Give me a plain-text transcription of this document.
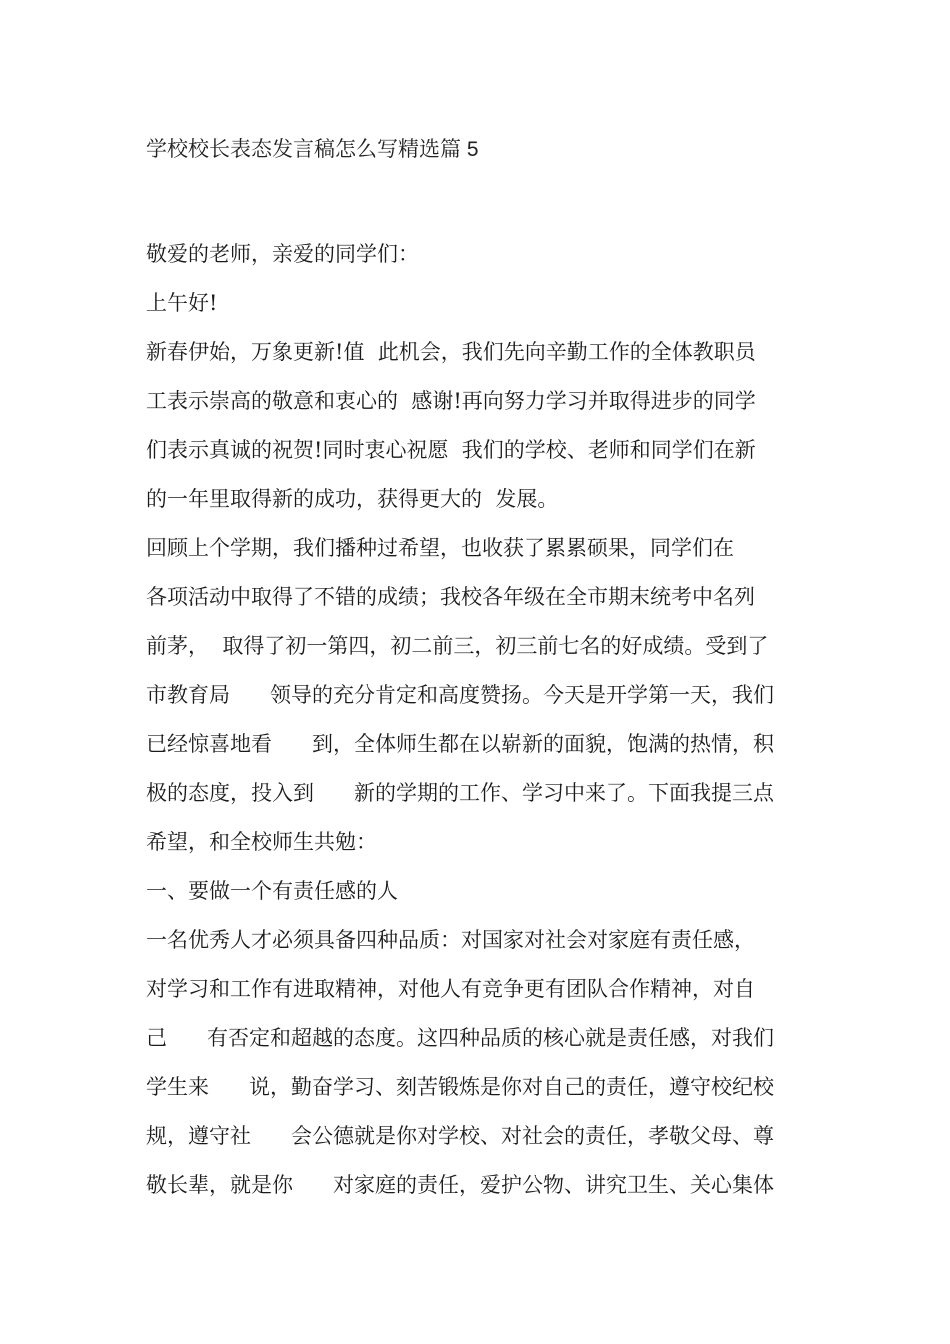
学校校长表态发言稿怎么写精选篇 5
敬爱的老师，亲爱的同学们：
上午好!
新春伊始，万象更新!值  此机会，我们先向辛勤工作的全体教职员
工表示崇高的敬意和衷心的  感谢!再向努力学习并取得进步的同学
们表示真诚的祝贺!同时衷心祝愿  我们的学校、老师和同学们在新
的一年里取得新的成功，获得更大的  发展。
回顾上个学期，我们播种过希望，也收获了累累硕果，同学们在
各项活动中取得了不错的成绩；我校各年级在全市期末统考中名列
前茅，  取得了初一第四，初二前三，初三前七名的好成绩。受到了
市教育局      领导的充分肯定和高度赞扬。今天是开学第一天，我们
已经惊喜地看      到，全体师生都在以崭新的面貌，饱满的热情，积
极的态度，投入到      新的学期的工作、学习中来了。下面我提三点
希望，和全校师生共勉：
一、要做一个有责任感的人
一名优秀人才必须具备四种品质：对国家对社会对家庭有责任感，
对学习和工作有进取精神，对他人有竞争更有团队合作精神，对自
己      有否定和超越的态度。这四种品质的核心就是责任感，对我们
学生来      说，勤奋学习、刻苦锻炼是你对自己的责任，遵守校纪校
规，遵守社      会公德就是你对学校、对社会的责任，孝敬父母、尊
敬长辈，就是你      对家庭的责任，爱护公物、讲究卫生、关心集体
